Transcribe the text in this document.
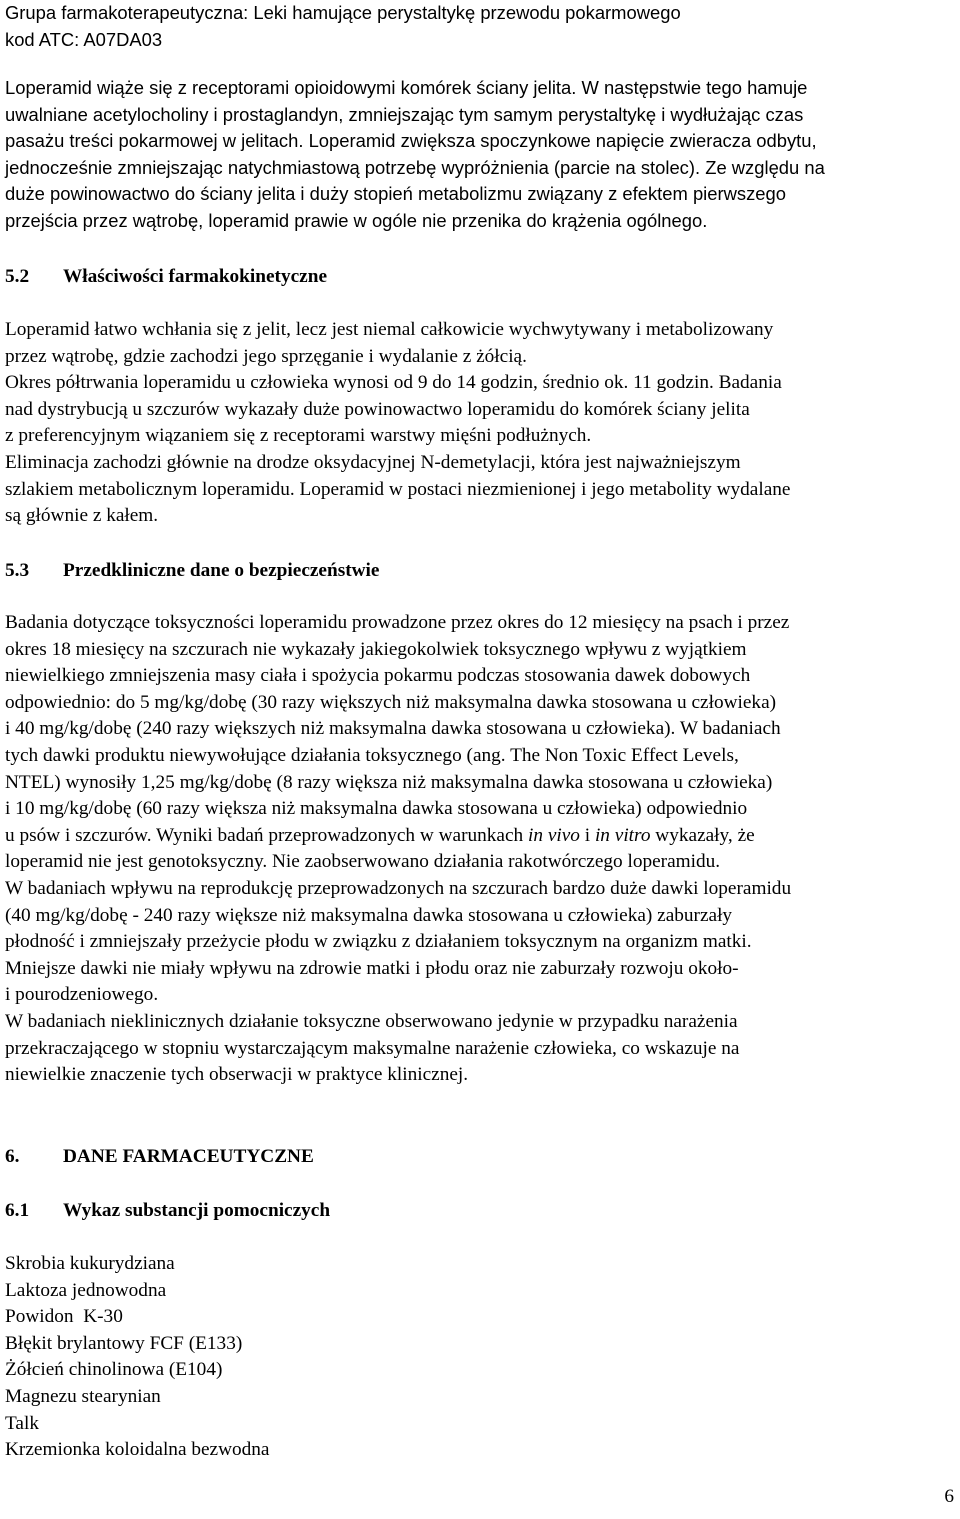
Grupa farmakoterapeutyczna: Leki hamujące perystaltykę przewodu pokarmowego
kod ATC: A07DA03
Loperamid wiąże się z receptorami opioidowymi komórek ściany jelita. W następstwie tego hamuje
uwalniane acetylocholiny i prostaglandyn, zmniejszając tym samym perystaltykę i wydłużając czas
pasażu treści pokarmowej w jelitach. Loperamid zwiększa spoczynkowe napięcie zwieracza odbytu,
jednocześnie zmniejszając natychmiastową potrzebę wypróżnienia (parcie na stolec). Ze względu na
duże powinowactwo do ściany jelita i duży stopień metabolizmu związany z efektem pierwszego
przejścia przez wątrobę, loperamid prawie w ogóle nie przenika do krążenia ogólnego.
5.2 Właściwości farmakokinetyczne
Loperamid łatwo wchłania się z jelit, lecz jest niemal całkowicie wychwytywany i metabolizowany
przez wątrobę, gdzie zachodzi jego sprzęganie i wydalanie z żółcią.
Okres półtrwania loperamidu u człowieka wynosi od 9 do 14 godzin, średnio ok. 11 godzin. Badania
nad dystrybucją u szczurów wykazały duże powinowactwo loperamidu do komórek ściany jelita
z preferencyjnym wiązaniem się z receptorami warstwy mięśni podłużnych.
Eliminacja zachodzi głównie na drodze oksydacyjnej N-demetylacji, która jest najważniejszym
szlakiem metabolicznym loperamidu. Loperamid w postaci niezmienionej i jego metabolity wydalane
są głównie z kałem.
5.3 Przedkliniczne dane o bezpieczeństwie
Badania dotyczące toksyczności loperamidu prowadzone przez okres do 12 miesięcy na psach i przez
okres 18 miesięcy na szczurach nie wykazały jakiegokolwiek toksycznego wpływu z wyjątkiem
niewielkiego zmniejszenia masy ciała i spożycia pokarmu podczas stosowania dawek dobowych
odpowiednio: do 5 mg/kg/dobę (30 razy większych niż maksymalna dawka stosowana u człowieka)
i 40 mg/kg/dobę (240 razy większych niż maksymalna dawka stosowana u człowieka). W badaniach
tych dawki produktu niewywołujące działania toksycznego (ang. The Non Toxic Effect Levels,
NTEL) wynosiły 1,25 mg/kg/dobę (8 razy większa niż maksymalna dawka stosowana u człowieka)
i 10 mg/kg/dobę (60 razy większa niż maksymalna dawka stosowana u człowieka) odpowiednio
u psów i szczurów. Wyniki badań przeprowadzonych w warunkach in vivo i in vitro wykazały, że
loperamid nie jest genotoksyczny. Nie zaobserwowano działania rakotwórczego loperamidu.
W badaniach wpływu na reprodukcję przeprowadzonych na szczurach bardzo duże dawki loperamidu
(40 mg/kg/dobę - 240 razy większe niż maksymalna dawka stosowana u człowieka) zaburzały
płodność i zmniejszały przeżycie płodu w związku z działaniem toksycznym na organizm matki.
Mniejsze dawki nie miały wpływu na zdrowie matki i płodu oraz nie zaburzały rozwoju około-
i pourodzeniowego.
W badaniach nieklinicznych działanie toksyczne obserwowano jedynie w przypadku narażenia
przekraczającego w stopniu wystarczającym maksymalne narażenie człowieka, co wskazuje na
niewielkie znaczenie tych obserwacji w praktyce klinicznej.
6. DANE FARMACEUTYCZNE
6.1 Wykaz substancji pomocniczych
Skrobia kukurydziana
Laktoza jednowodna
Powidon  K-30
Błękit brylantowy FCF (E133)
Żółcień chinolinowa (E104)
Magnezu stearynian
Talk
Krzemionka koloidalna bezwodna
6
